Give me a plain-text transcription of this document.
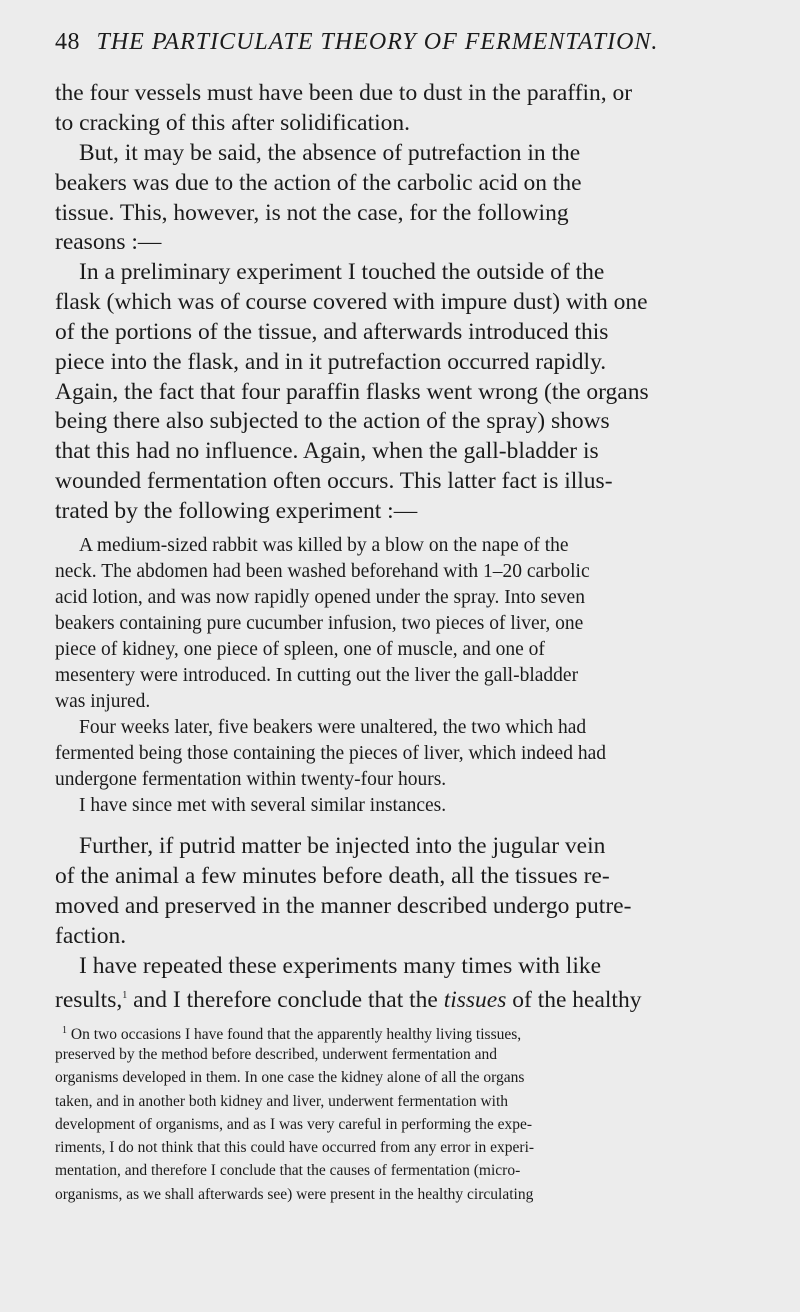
48 THE PARTICULATE THEORY OF FERMENTATION.

the four vessels must have been due to dust in the paraffin, or

to cracking of this after solidification.

But, it may be said, the absence of putrefaction in the

beakers was due to the action of the carbolic acid on the

tissue. This, however, is not the case, for the following

reasons :—

In a preliminary experiment I touched the outside of the

flask (which was of course covered with impure dust) with one

of the portions of the tissue, and afterwards introduced this

piece into the flask, and in it putrefaction occurred rapidly.

Again, the fact that four paraffin flasks went wrong (the organs

being there also subjected to the action of the spray) shows

that this had no influence. Again, when the gall-bladder is

wounded fermentation often occurs. This latter fact is illus-

trated by the following experiment :—

A medium-sized rabbit was killed by a blow on the nape of the

neck. The abdomen had been washed beforehand with 1–20 carbolic

acid lotion, and was now rapidly opened under the spray. Into seven

beakers containing pure cucumber infusion, two pieces of liver, one

piece of kidney, one piece of spleen, one of muscle, and one of

mesentery were introduced. In cutting out the liver the gall-bladder

was injured.

Four weeks later, five beakers were unaltered, the two which had

fermented being those containing the pieces of liver, which indeed had

undergone fermentation within twenty-four hours.

I have since met with several similar instances.

Further, if putrid matter be injected into the jugular vein

of the animal a few minutes before death, all the tissues re-

moved and preserved in the manner described undergo putre-

faction.

I have repeated these experiments many times with like

results,$^1$ and I therefore conclude that the tissues of the healthy

$^1$ On two occasions I have found that the apparently healthy living tissues,

preserved by the method before described, underwent fermentation and

organisms developed in them. In one case the kidney alone of all the organs

taken, and in another both kidney and liver, underwent fermentation with

development of organisms, and as I was very careful in performing the expe-

riments, I do not think that this could have occurred from any error in experi-

mentation, and therefore I conclude that the causes of fermentation (micro-

organisms, as we shall afterwards see) were present in the healthy circulating
